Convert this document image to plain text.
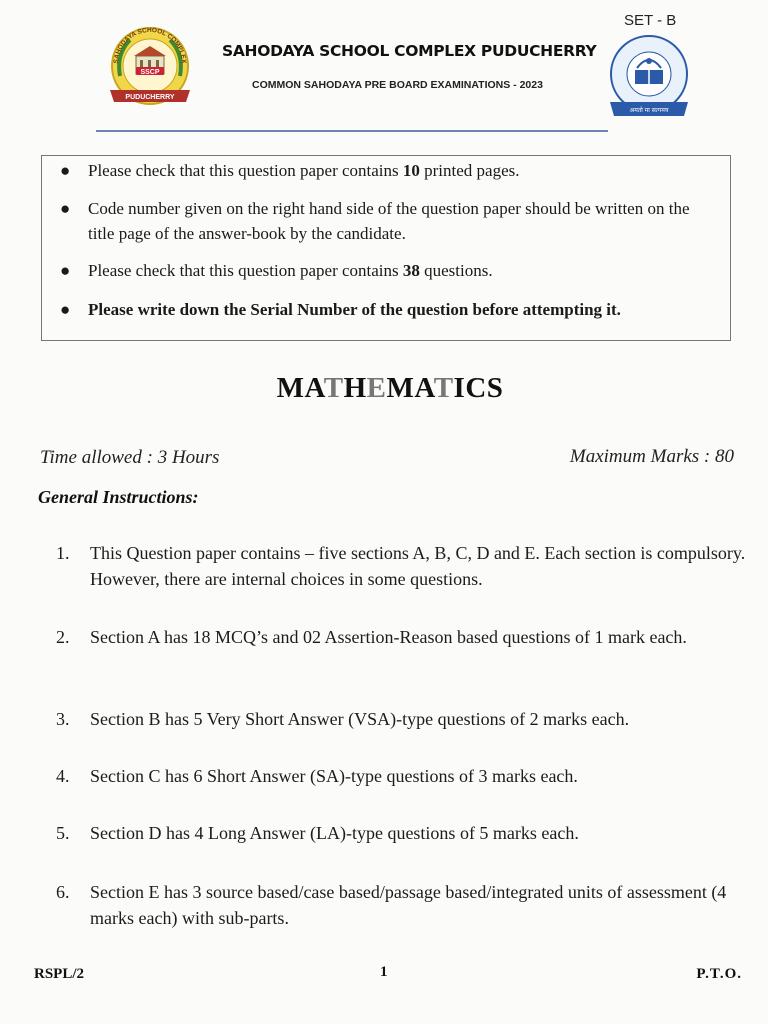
SET - B
SSCP
PUDUCHERRY
SAHODAYA SCHOOL COMPLEX
SAHODAYA SCHOOL COMPLEX PUDUCHERRY
COMMON SAHODAYA PRE BOARD EXAMINATIONS - 2023
अमतो मा सत्गमय
●	Please check that this question paper contains 10 printed pages.
●	Code number given on the right hand side of the question paper should be written on the title page of the answer-book by the candidate.
●	Please check that this question paper contains 38 questions.
●	Please write down the Serial Number of the question before attempting it.
MATHEMATICS
Time allowed : 3 Hours	Maximum Marks : 80
General Instructions:
1.	This Question paper contains – five sections A, B, C, D and E. Each section is compulsory. However, there are internal choices in some questions.
2.	Section A has 18 MCQ’s and 02 Assertion-Reason based questions of 1 mark each.
3.	Section B has 5 Very Short Answer (VSA)-type questions of 2 marks each.
4.	Section C has 6 Short Answer (SA)-type questions of 3 marks each.
5.	Section D has 4 Long Answer (LA)-type questions of 5 marks each.
6.	Section E has 3 source based/case based/passage based/integrated units of assessment (4 marks each) with sub-parts.
RSPL/2	1	P.T.O.
